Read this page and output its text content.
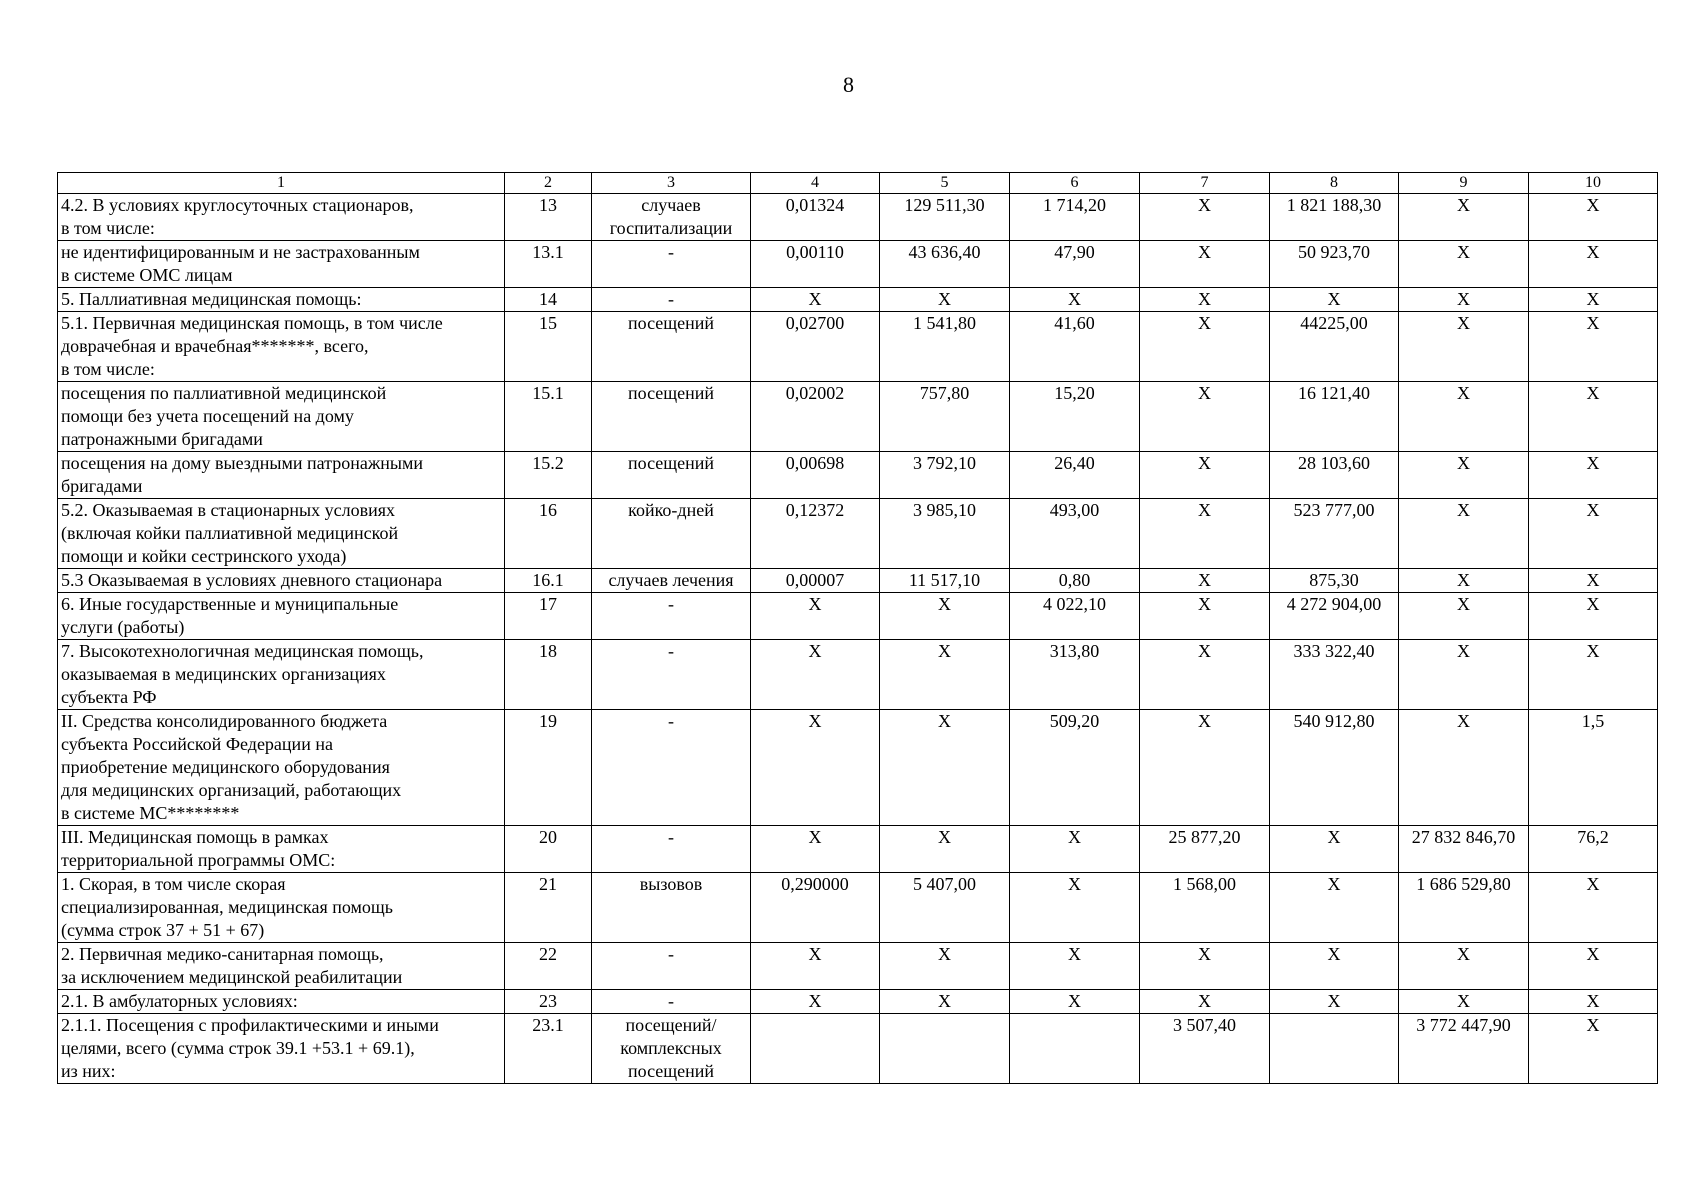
8
1	2	3	4	5	6	7	8	9	10
4.2. В условиях круглосуточных стационаров,
в том числе:	13	случаев
госпитализации	0,01324	129 511,30	1 714,20	X	1 821 188,30	X	X
не идентифицированным и не застрахованным
в системе ОМС лицам	13.1	-	0,00110	43 636,40	47,90	X	50 923,70	X	X
5. Паллиативная медицинская помощь:	14	-	X	X	X	X	X	X	X
5.1. Первичная медицинская помощь, в том числе
доврачебная и врачебная*******, всего,
в том числе:	15	посещений	0,02700	1 541,80	41,60	X	44225,00	X	X
посещения по паллиативной медицинской
помощи без учета посещений на дому
патронажными бригадами	15.1	посещений	0,02002	757,80	15,20	X	16 121,40	X	X
посещения на дому выездными патронажными
бригадами	15.2	посещений	0,00698	3 792,10	26,40	X	28 103,60	X	X
5.2. Оказываемая в стационарных условиях
(включая койки паллиативной медицинской
помощи и койки сестринского ухода)	16	койко-дней	0,12372	3 985,10	493,00	X	523 777,00	X	X
5.3 Оказываемая в условиях дневного стационара	16.1	случаев лечения	0,00007	11 517,10	0,80	X	875,30	X	X
6. Иные государственные и муниципальные
услуги (работы)	17	-	X	X	4 022,10	X	4 272 904,00	X	X
7. Высокотехнологичная медицинская помощь,
оказываемая в медицинских организациях
субъекта РФ	18	-	X	X	313,80	X	333 322,40	X	X
II. Средства консолидированного бюджета
субъекта Российской Федерации на
приобретение медицинского оборудования
для медицинских организаций, работающих
в системе МС********	19	-	X	X	509,20	X	540 912,80	X	1,5
III. Медицинская помощь в рамках
территориальной программы ОМС:	20	-	X	X	X	25 877,20	X	27 832 846,70	76,2
1. Скорая, в том числе скорая
специализированная, медицинская помощь
(сумма строк 37 + 51 + 67)	21	вызовов	0,290000	5 407,00	X	1 568,00	X	1 686 529,80	X
2. Первичная медико-санитарная помощь,
за исключением медицинской реабилитации	22	-	X	X	X	X	X	X	X
2.1. В амбулаторных условиях:	23	-	X	X	X	X	X	X	X
2.1.1. Посещения с профилактическими и иными
целями, всего (сумма строк 39.1 +53.1 + 69.1),
из них:	23.1	посещений/
комплексных
посещений				3 507,40		3 772 447,90	X
